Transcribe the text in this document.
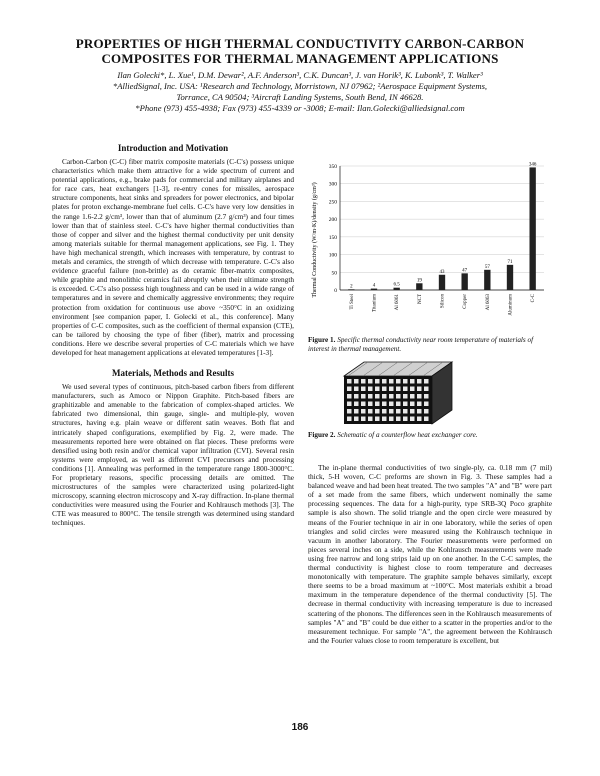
PROPERTIES OF HIGH THERMAL CONDUCTIVITY CARBON-CARBON
COMPOSITES FOR THERMAL MANAGEMENT APPLICATIONS
Ilan Golecki*, L. Xue¹, D.M. Dewar², A.F. Anderson³, C.K. Duncan³, J. van Horik³, K. Lubonk³, T. Walker³
*AlliedSignal, Inc. USA: ¹Research and Technology, Morristown, NJ 07962; ²Aerospace Equipment Systems,
Torrance, CA 90504; ³Aircraft Landing Systems, South Bend, IN 46628.
*Phone (973) 455-4938; Fax (973) 455-4339 or -3008; E-mail: Ilan.Golecki@alliedsignal.com
Introduction and Motivation

Carbon-Carbon (C-C) fiber matrix composite materials (C-C's) possess unique characteristics which make them attractive for a wide spectrum of current and potential applications, e.g., brake pads for commercial and military airplanes and for race cars, heat exchangers [1-3], re-entry cones for missiles, aerospace structure components, heat sinks and spreaders for power electronics, and bipolar plates for proton exchange-membrane fuel cells. C-C's have very low densities in the range 1.6-2.2 g/cm³, lower than that of aluminum (2.7 g/cm³) and four times lower than that of stainless steel. C-C's have higher thermal conductivities than those of copper and silver and the highest thermal conductivity per unit density among materials suitable for thermal management applications, see Fig. 1. They have high mechanical strength, which increases with temperature, by contrast to metals and ceramics, the strength of which decrease with temperature. C-C's also evidence graceful failure (non-brittle) as do ceramic fiber-matrix composites, while graphite and monolithic ceramics fail abruptly when their ultimate strength is exceeded. C-C's also possess high toughness and can be used in a wide range of temperatures and in severe and chemically aggressive environments; they require protection from oxidation for continuous use above ~350°C in an oxidizing environment [see companion paper, I. Golecki et al., this conference]. Many properties of C-C composites, such as the coefficient of thermal expansion (CTE), can be tailored by choosing the type of fiber (fiber), matrix and processing conditions. Here we describe several properties of C-C materials which we have developed for heat management applications at elevated temperatures [1-3].

Materials, Methods and Results

We used several types of continuous, pitch-based carbon fibers from different manufacturers, such as Amoco or Nippon Graphite. Pitch-based fibers are graphitizable and amenable to the fabrication of complex-shaped articles. We fabricated two dimensional, thin gauge, single- and multiple-ply, woven structures, having e.g. plain weave or different satin weaves. Both flat and intricately shaped configurations, exemplified by Fig. 2, were made. The measurements reported here were obtained on flat pieces. These preforms were densified using both resin and/or chemical vapor infiltration (CVI). Several resin systems were employed, as well as different CVI precursors and processing conditions [1]. Annealing was performed in the temperature range 1800-3000°C. For proprietary reasons, specific processing details are omitted. The microstructures of the samples were characterized using polarized-light microscopy, scanning electron microscopy and X-ray diffraction. In-plane thermal conductivities were measured using the Fourier and Kohlrausch methods [3]. The CTE was measured to 800°C. The tensile strength was determined using standard techniques.

0
50
100
150
200
250
300
350
2	4	6.5
19
43	47
57
71
346
Ti Steel	Titanium	Al 6061	NCT	Silicon	Copper	Al 6063	Aluminum	C-C
Thermal Conductivity (W/m·K)/density (g/cm³)
Figure 1. Specific thermal conductivity near room temperature of materials of interest in thermal management.
Figure 2. Schematic of a counterflow heat exchanger core.

The in-plane thermal conductivities of two single-ply, ca. 0.18 mm (7 mil) thick, 5-H woven, C-C preforms are shown in Fig. 3. These samples had a balanced weave and had been heat treated. The two samples "A" and "B" were part of a set made from the same fibers, which underwent nominally the same processing sequences. The data for a high-purity, type SRB-3Q Poco graphite sample is also shown. The solid triangle and the open circle were measured by means of the Fourier technique in air in one laboratory, while the series of open triangles and solid circles were measured using the Kohlrausch technique in vacuum in another laboratory. The Fourier measurements were performed on pieces several inches on a side, while the Kohlrausch measurements were made using free narrow and long strips laid up on one another. In the C-C samples, the thermal conductivity is highest close to room temperature and decreases monotonically with temperature. The graphite sample behaves similarly, except there seems to be a broad maximum at ~100°C. Most materials exhibit a broad maximum in the temperature dependence of the thermal conductivity [5]. The decrease in thermal conductivity with increasing temperature is due to increased scattering of the phonons. The differences seen in the Kohlrausch measurements of samples "A" and "B" could be due either to a scatter in the properties and/or to the measurement technique. For sample "A", the agreement between the Kohlrausch and the Fourier values close to room temperature is excellent, but

186
